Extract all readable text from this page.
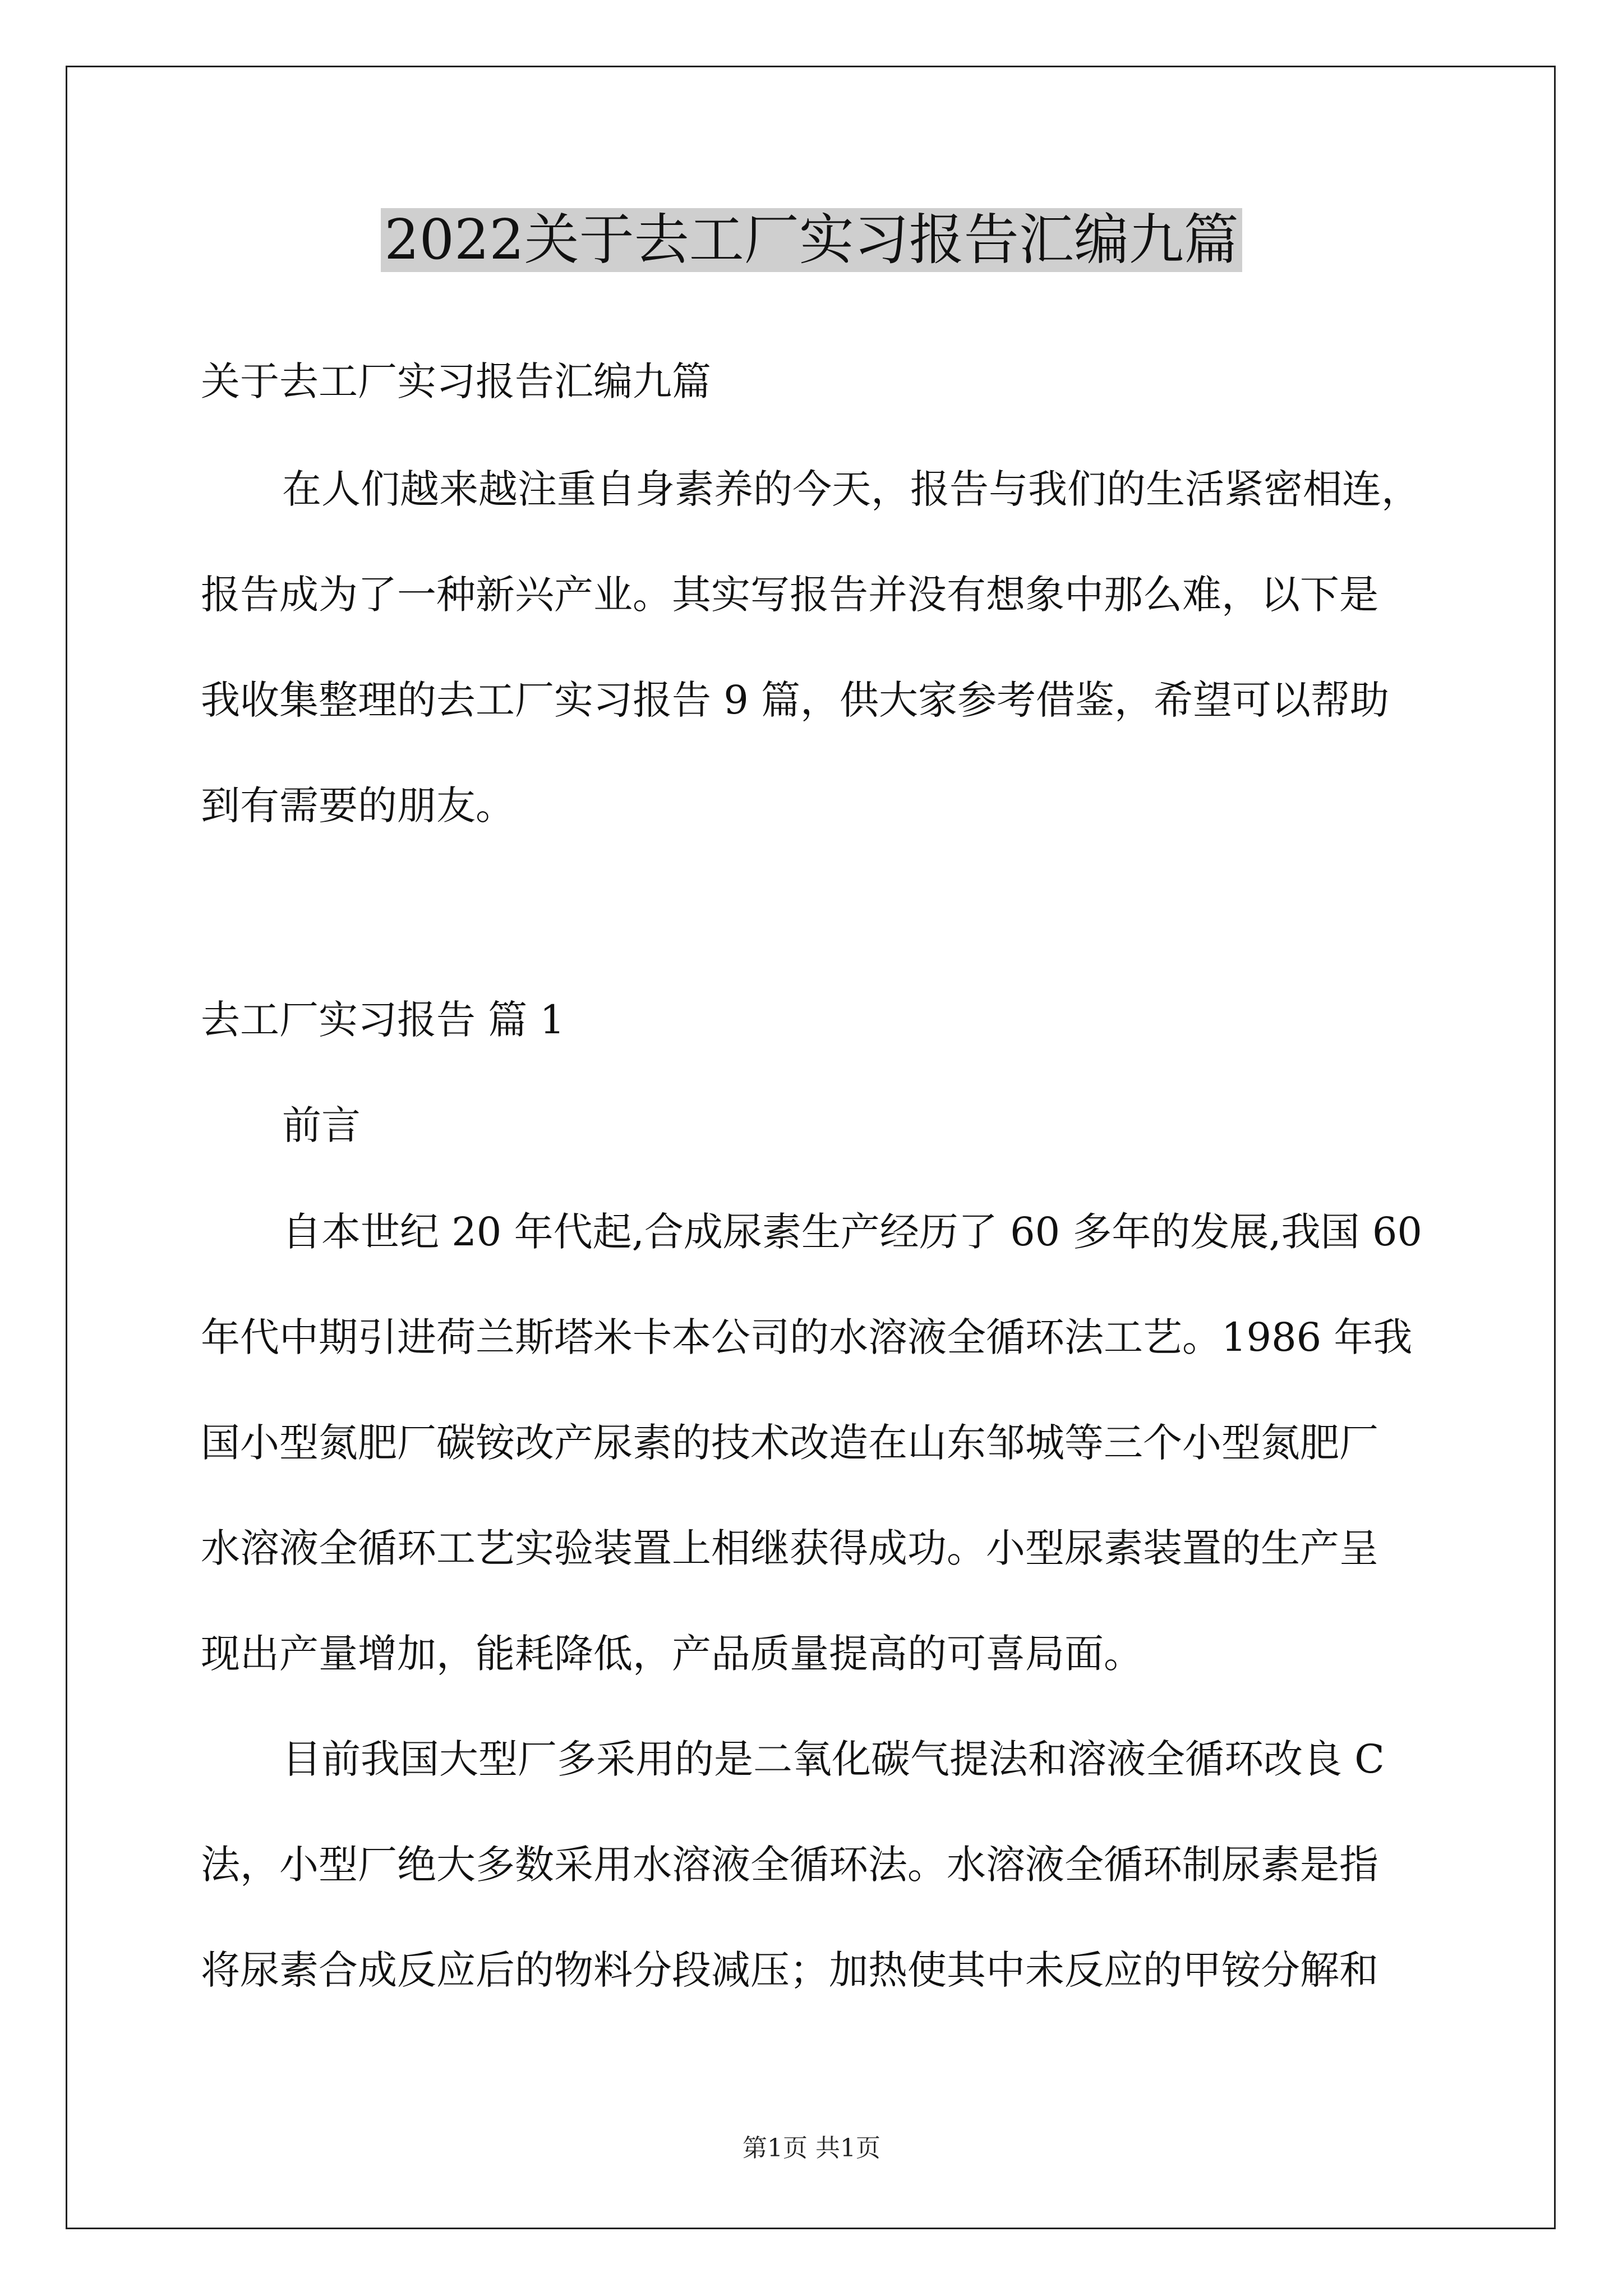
2022关于去工厂实习报告汇编九篇
关于去工厂实习报告汇编九篇
在人们越来越注重自身素养的今天，报告与我们的生活紧密相连，
报告成为了一种新兴产业。其实写报告并没有想象中那么难，以下是
我收集整理的去工厂实习报告 9 篇，供大家参考借鉴，希望可以帮助
到有需要的朋友。
去工厂实习报告 篇 1
前言
自本世纪 20 年代起,合成尿素生产经历了 60 多年的发展,我国 60
年代中期引进荷兰斯塔米卡本公司的水溶液全循环法工艺。1986 年我
国小型氮肥厂碳铵改产尿素的技术改造在山东邹城等三个小型氮肥厂
水溶液全循环工艺实验装置上相继获得成功。小型尿素装置的生产呈
现出产量增加，能耗降低，产品质量提高的可喜局面。
目前我国大型厂多采用的是二氧化碳气提法和溶液全循环改良 C
法，小型厂绝大多数采用水溶液全循环法。水溶液全循环制尿素是指
将尿素合成反应后的物料分段减压；加热使其中未反应的甲铵分解和
第1页 共1页
